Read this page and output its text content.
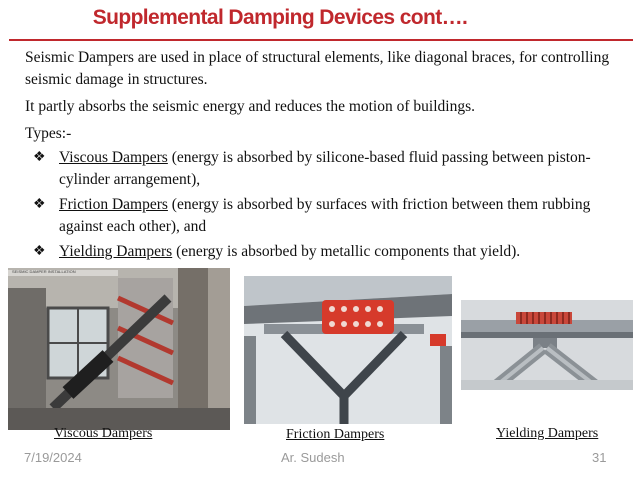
Supplemental Damping Devices cont….

Seismic Dampers are used in place of structural elements, like diagonal braces, for controlling seismic damage in structures.

It partly absorbs the seismic energy and reduces the motion of buildings.

Types:-

❖ Viscous Dampers (energy is absorbed by silicone-based fluid passing between piston-cylinder arrangement),

❖ Friction Dampers (energy is absorbed by surfaces with friction between them rubbing against each other), and

❖ Yielding Dampers (energy is absorbed by metallic components that yield).

SEISMIC DAMPER INSTALLATION
Viscous Dampers	Friction Dampers	Yielding Dampers
7/19/2024	Ar. Sudesh	31
